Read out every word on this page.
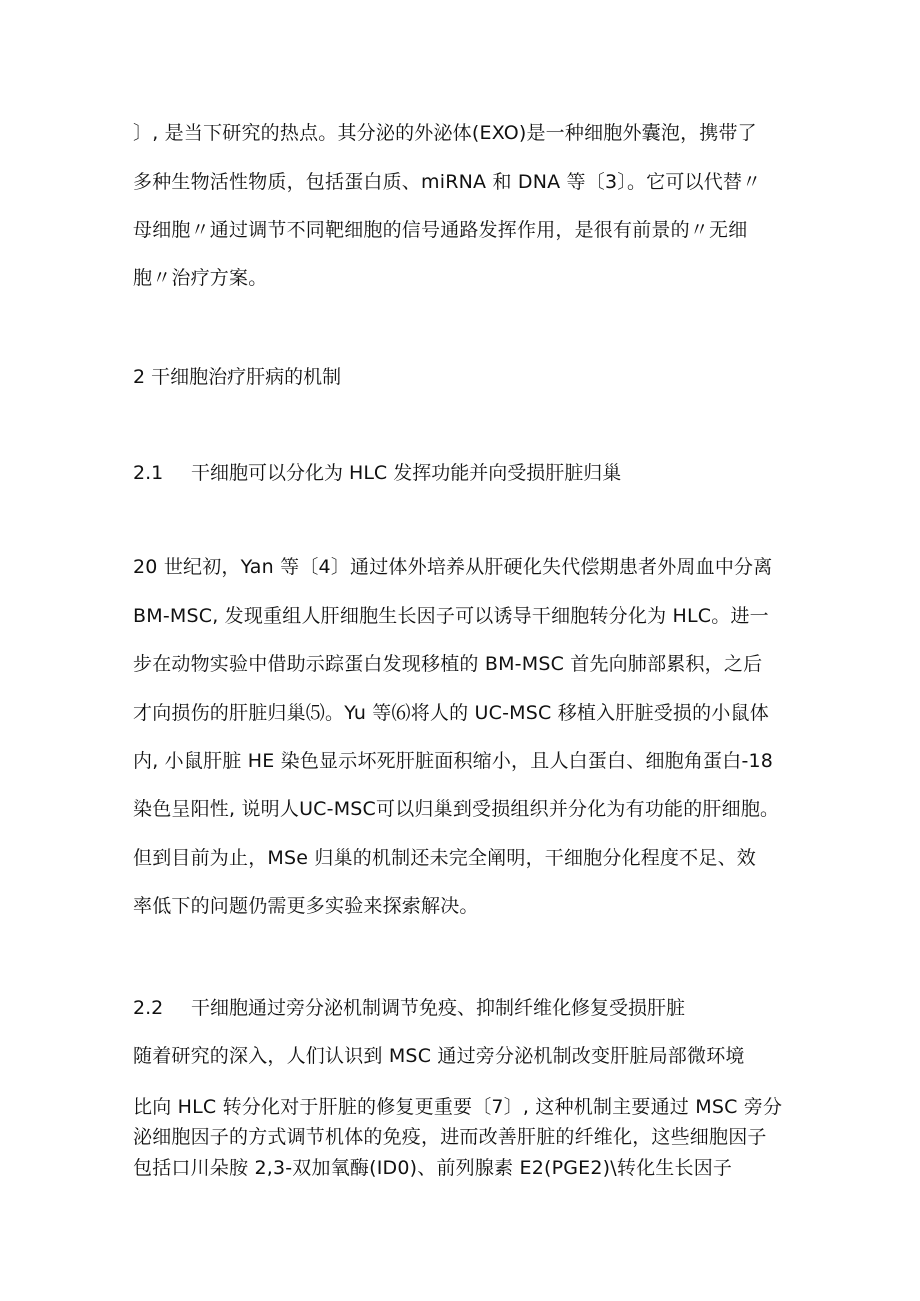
〕, 是当下研究的热点。其分泌的外泌体(EXO)是一种细胞外囊泡，携带了
多种生物活性物质，包括蛋白质、miRNA 和 DNA 等〔3〕。它可以代替〃
母细胞〃通过调节不同靶细胞的信号通路发挥作用，是很有前景的〃无细
胞〃治疗方案。
2 干细胞治疗肝病的机制
2.1 干细胞可以分化为 HLC 发挥功能并向受损肝脏归巢
20 世纪初，Yan 等〔4〕通过体外培养从肝硬化失代偿期患者外周血中分离
BM-MSC, 发现重组人肝细胞生长因子可以诱导干细胞转分化为 HLC。进一
步在动物实验中借助示踪蛋白发现移植的 BM-MSC 首先向肺部累积，之后
才向损伤的肝脏归巢⑸。Yu 等⑹将人的 UC-MSC 移植入肝脏受损的小鼠体
内, 小鼠肝脏 HE 染色显示坏死肝脏面积缩小，且人白蛋白、细胞角蛋白-18
染色呈阳性, 说明人UC-MSC可以归巢到受损组织并分化为有功能的肝细胞。
但到目前为止，MSe 归巢的机制还未完全阐明，干细胞分化程度不足、效
率低下的问题仍需更多实验来探索解决。
2.2 干细胞通过旁分泌机制调节免疫、抑制纤维化修复受损肝脏
随着研究的深入，人们认识到 MSC 通过旁分泌机制改变肝脏局部微环境
比向 HLC 转分化对于肝脏的修复更重要〔7〕, 这种机制主要通过 MSC 旁分
泌细胞因子的方式调节机体的免疫，进而改善肝脏的纤维化，这些细胞因子
包括口川朵胺 2,3-双加氧酶(ID0)、前列腺素 E2(PGE2)\转化生长因子
